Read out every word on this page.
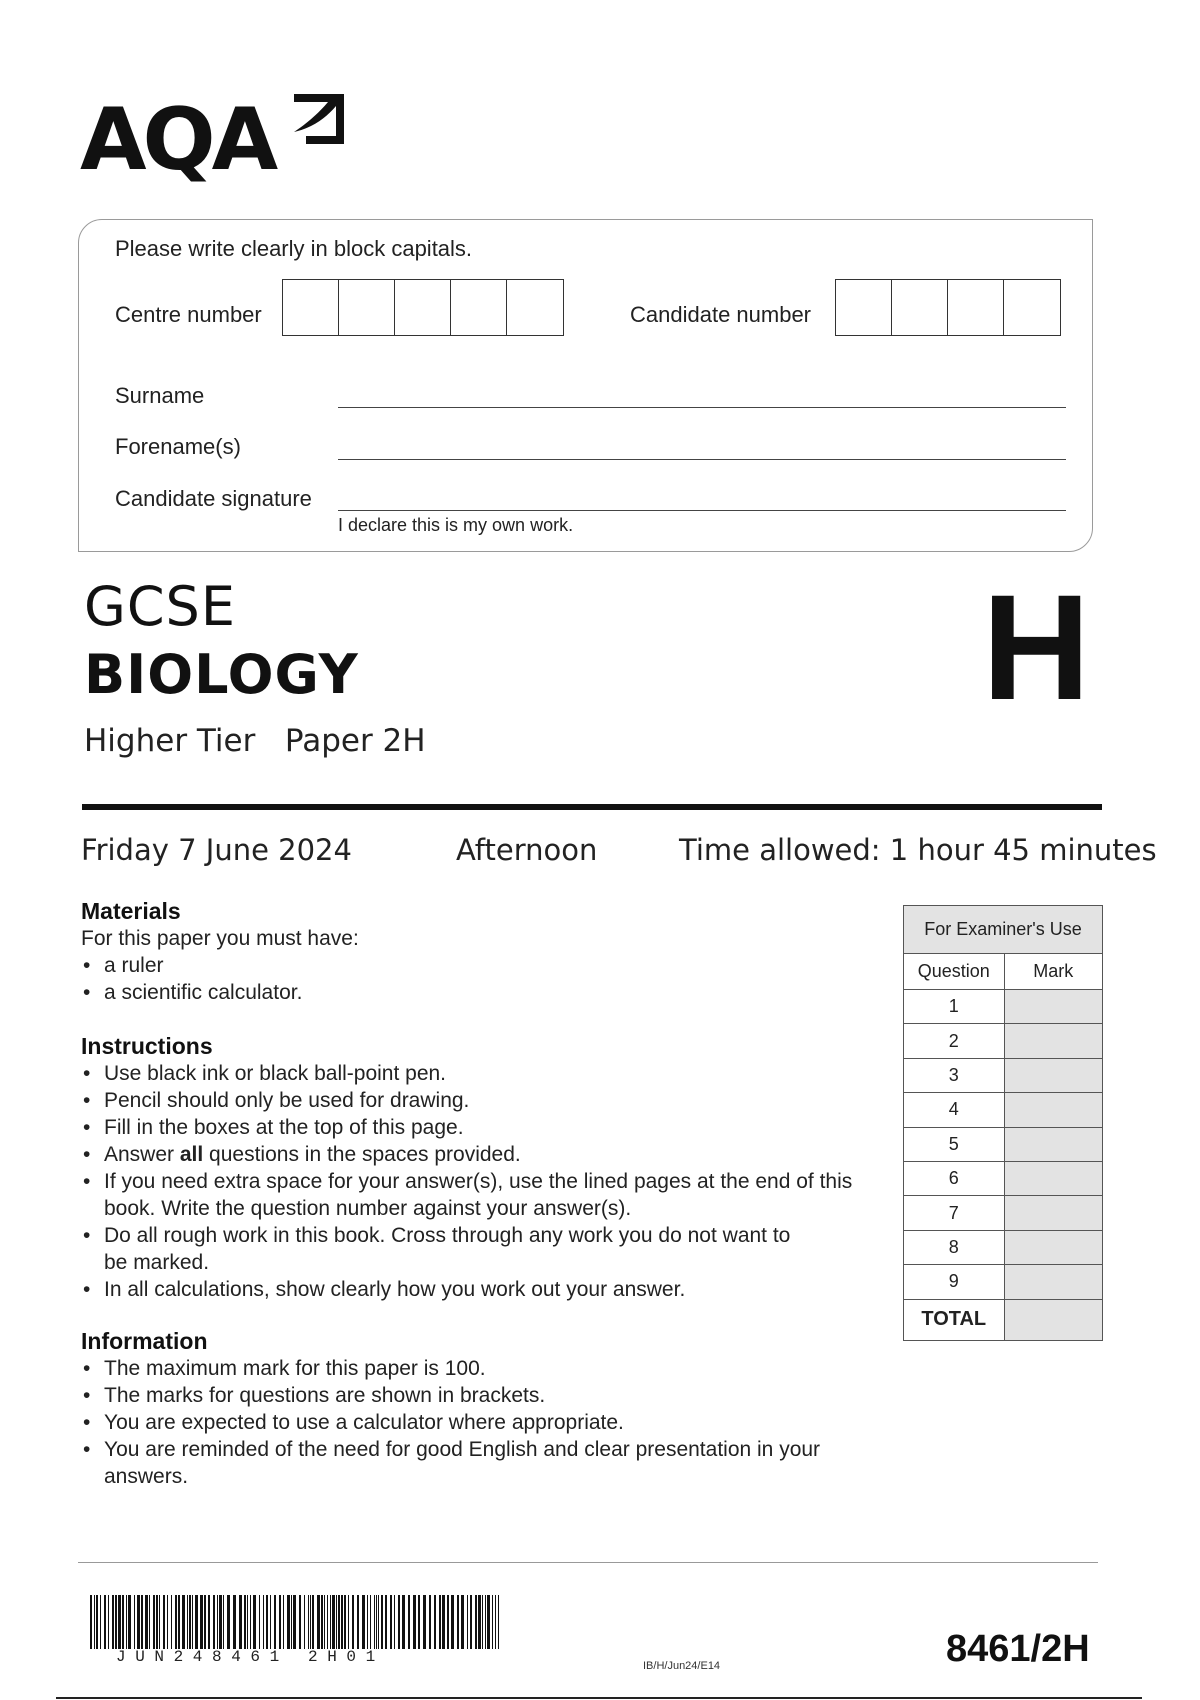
AQA
Please write clearly in block capitals.
Centre number	Candidate number
Surname
Forename(s)
Candidate signature
I declare this is my own work.
GCSE
BIOLOGY
Higher Tier Paper 2H
H
Friday 7 June 2024	Afternoon	Time allowed: 1 hour 45 minutes
Materials

For this paper you must have:

• a ruler
• a scientific calculator.
Instructions
• Use black ink or black ball-point pen.
• Pencil should only be used for drawing.
• Fill in the boxes at the top of this page.
• Answer all questions in the spaces provided.
• If you need extra space for your answer(s), use the lined pages at the end of this book. Write the question number against your answer(s).
• Do all rough work in this book. Cross through any work you do not want to be marked.
• In all calculations, show clearly how you work out your answer.
Information
• The maximum mark for this paper is 100.
• The marks for questions are shown in brackets.
• You are expected to use a calculator where appropriate.
• You are reminded of the need for good English and clear presentation in your answers.
For Examiner's Use	
Question	Mark
1	
2	
3	
4	
5	
6	
7	
8	
9	
TOTAL	
JUN248461 2H01	IB/H/Jun24/E14	8461/2H
